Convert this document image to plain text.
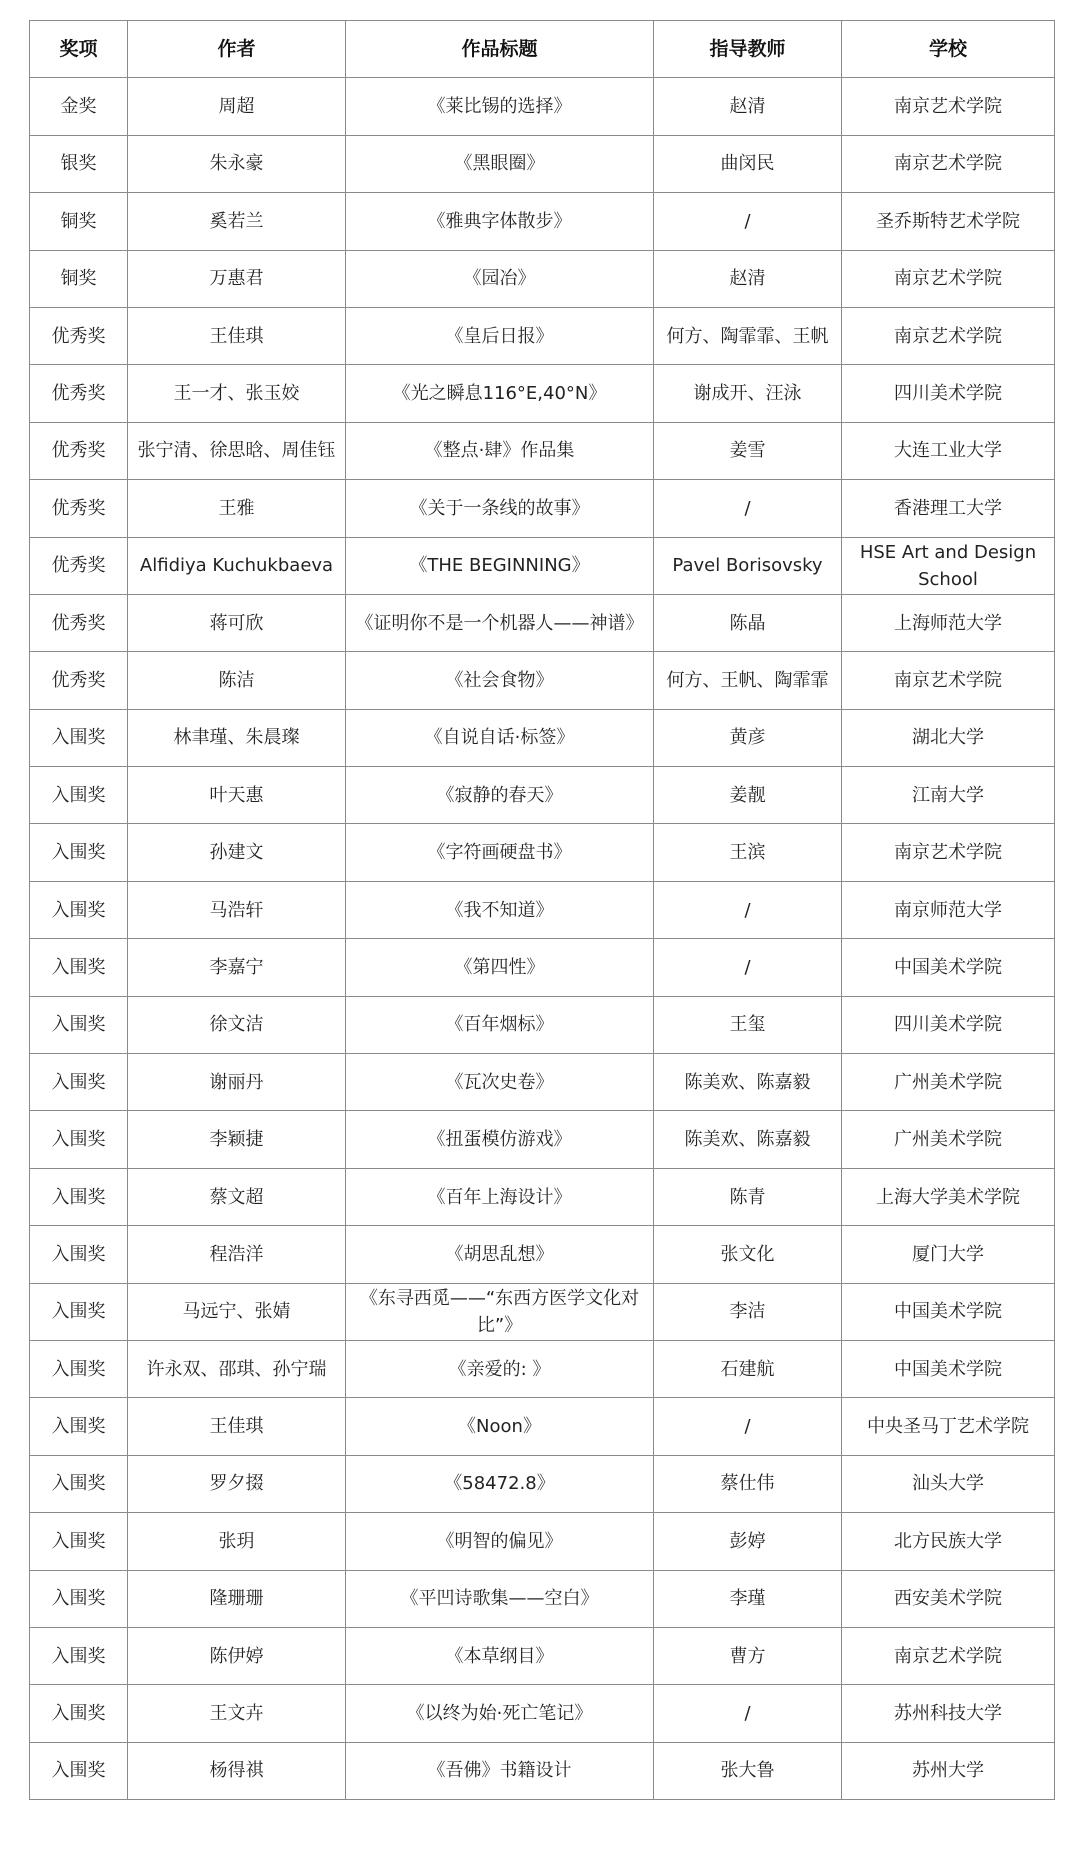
奖项	作者	作品标题	指导教师	学校
金奖	周超	《莱比锡的选择》	赵清	南京艺术学院
银奖	朱永豪	《黑眼圈》	曲闵民	南京艺术学院
铜奖	奚若兰	《雅典字体散步》	/	圣乔斯特艺术学院
铜奖	万惠君	《园冶》	赵清	南京艺术学院
优秀奖	王佳琪	《皇后日报》	何方、陶霏霏、王帆	南京艺术学院
优秀奖	王一才、张玉姣	《光之瞬息116°E,40°N》	谢成开、汪泳	四川美术学院
优秀奖	张宁清、徐思晗、周佳钰	《整点·肆》作品集	姜雪	大连工业大学
优秀奖	王雅	《关于一条线的故事》	/	香港理工大学
优秀奖	Alfidiya Kuchukbaeva	《THE BEGINNING》	Pavel Borisovsky	HSE Art and Design School
优秀奖	蒋可欣	《证明你不是一个机器人——神谱》	陈晶	上海师范大学
优秀奖	陈洁	《社会食物》	何方、王帆、陶霏霏	南京艺术学院
入围奖	林聿瑾、朱晨璨	《自说自话·标签》	黄彦	湖北大学
入围奖	叶天惠	《寂静的春天》	姜靓	江南大学
入围奖	孙建文	《字符画硬盘书》	王滨	南京艺术学院
入围奖	马浩轩	《我不知道》	/	南京师范大学
入围奖	李嘉宁	《第四性》	/	中国美术学院
入围奖	徐文洁	《百年烟标》	王玺	四川美术学院
入围奖	谢丽丹	《瓦次史卷》	陈美欢、陈嘉毅	广州美术学院
入围奖	李颖捷	《扭蛋模仿游戏》	陈美欢、陈嘉毅	广州美术学院
入围奖	蔡文超	《百年上海设计》	陈青	上海大学美术学院
入围奖	程浩洋	《胡思乱想》	张文化	厦门大学
入围奖	马远宁、张婧	《东寻西觅——“东西方医学文化对比”》	李洁	中国美术学院
入围奖	许永双、邵琪、孙宁瑞	《亲爱的: 》	石建航	中国美术学院
入围奖	王佳琪	《Noon》	/	中央圣马丁艺术学院
入围奖	罗夕掇	《58472.8》	蔡仕伟	汕头大学
入围奖	张玥	《明智的偏见》	彭婷	北方民族大学
入围奖	隆珊珊	《平凹诗歌集——空白》	李瑾	西安美术学院
入围奖	陈伊婷	《本草纲目》	曹方	南京艺术学院
入围奖	王文卉	《以终为始·死亡笔记》	/	苏州科技大学
入围奖	杨得祺	《吾佛》书籍设计	张大鲁	苏州大学
